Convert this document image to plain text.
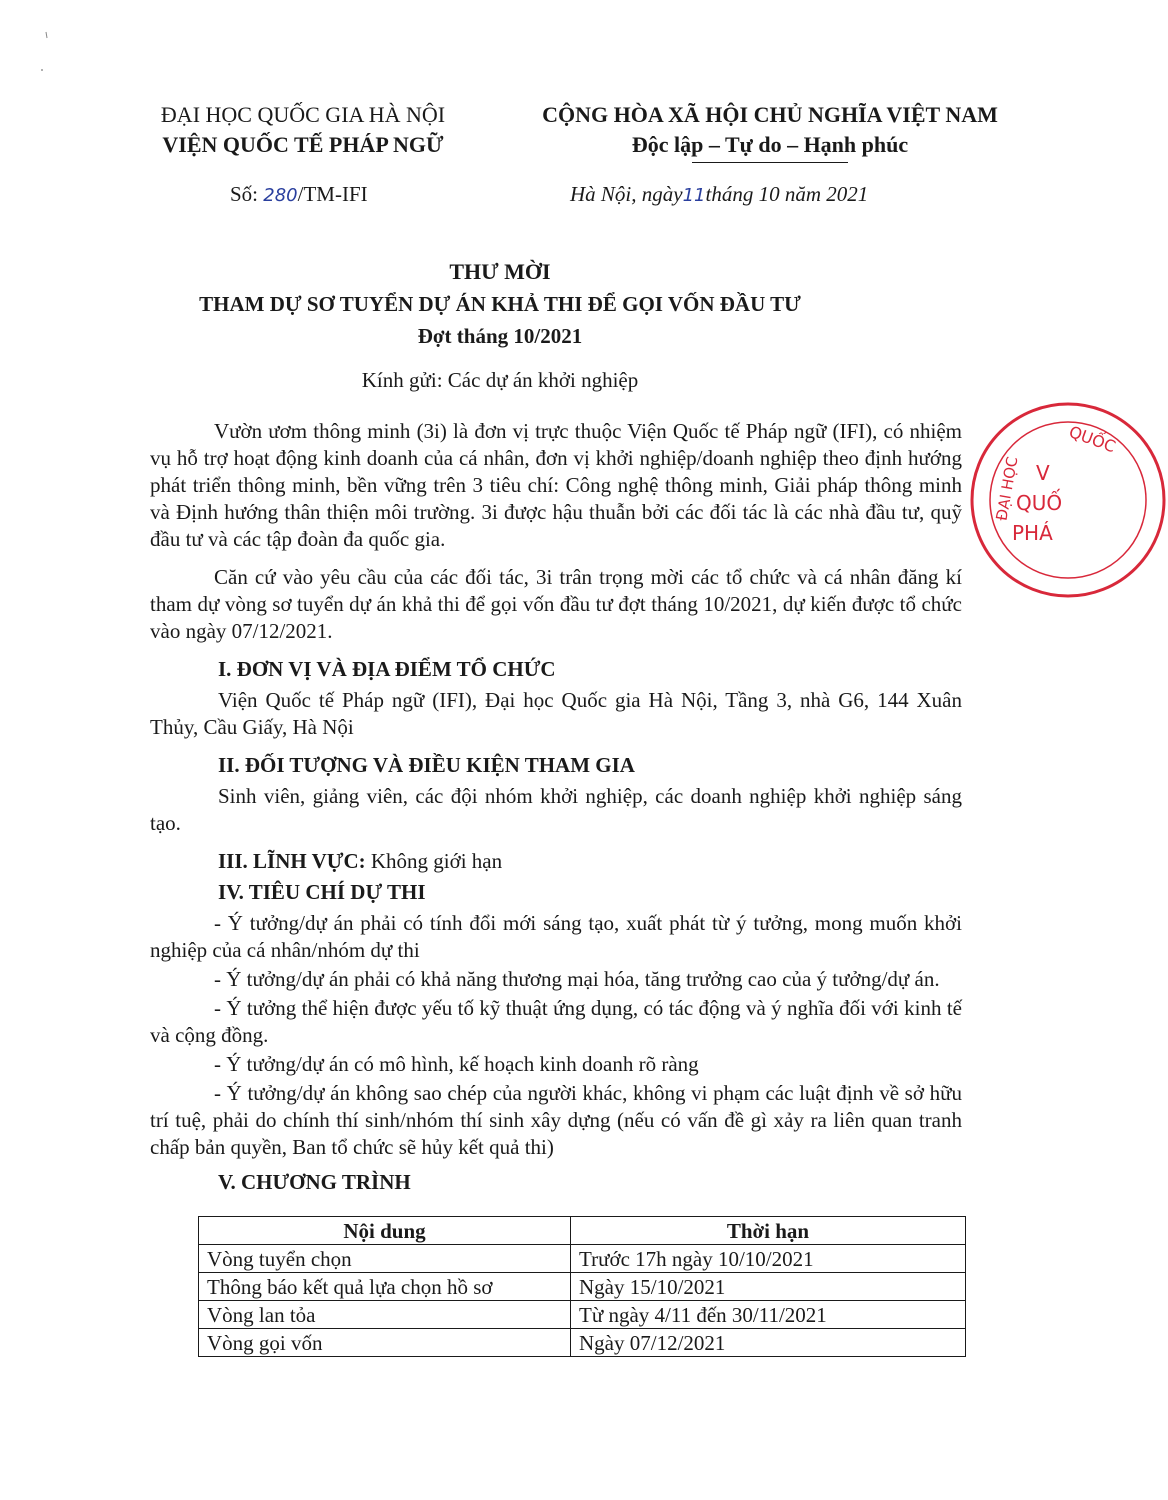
ĐẠI HỌC QUỐC GIA HÀ NỘI
VIỆN QUỐC TẾ PHÁP NGỮ
CỘNG HÒA XÃ HỘI CHỦ NGHĨA VIỆT NAM
Độc lập – Tự do – Hạnh phúc
Số: 280/TM-IFI	Hà Nội, ngày11tháng 10 năm 2021
THƯ MỜI
THAM DỰ SƠ TUYỂN DỰ ÁN KHẢ THI ĐỂ GỌI VỐN ĐẦU TƯ
Đợt tháng 10/2021
Kính gửi: Các dự án khởi nghiệp

Vườn ươm thông minh (3i) là đơn vị trực thuộc Viện Quốc tế Pháp ngữ (IFI), có nhiệm vụ hỗ trợ hoạt động kinh doanh của cá nhân, đơn vị khởi nghiệp/doanh nghiệp theo định hướng phát triển thông minh, bền vững trên 3 tiêu chí: Công nghệ thông minh, Giải pháp thông minh và Định hướng thân thiện môi trường. 3i được hậu thuẫn bởi các đối tác là các nhà đầu tư, quỹ đầu tư và các tập đoàn đa quốc gia.

Căn cứ vào yêu cầu của các đối tác, 3i trân trọng mời các tổ chức và cá nhân đăng kí tham dự vòng sơ tuyển dự án khả thi để gọi vốn đầu tư đợt tháng 10/2021, dự kiến được tổ chức vào ngày 07/12/2021.

I. ĐƠN VỊ VÀ ĐỊA ĐIỂM TỔ CHỨC

Viện Quốc tế Pháp ngữ (IFI), Đại học Quốc gia Hà Nội, Tầng 3, nhà G6, 144 Xuân Thủy, Cầu Giấy, Hà Nội

II. ĐỐI TƯỢNG VÀ ĐIỀU KIỆN THAM GIA

Sinh viên, giảng viên, các đội nhóm khởi nghiệp, các doanh nghiệp khởi nghiệp sáng tạo.

III. LĨNH VỰC: Không giới hạn
IV. TIÊU CHÍ DỰ THI

- Ý tưởng/dự án phải có tính đổi mới sáng tạo, xuất phát từ ý tưởng, mong muốn khởi nghiệp của cá nhân/nhóm dự thi

- Ý tưởng/dự án phải có khả năng thương mại hóa, tăng trưởng cao của ý tưởng/dự án.

- Ý tưởng thể hiện được yếu tố kỹ thuật ứng dụng, có tác động và ý nghĩa đối với kinh tế và cộng đồng.

- Ý tưởng/dự án có mô hình, kế hoạch kinh doanh rõ ràng

- Ý tưởng/dự án không sao chép của người khác, không vi phạm các luật định về sở hữu trí tuệ, phải do chính thí sinh/nhóm thí sinh xây dựng (nếu có vấn đề gì xảy ra liên quan tranh chấp bản quyền, Ban tổ chức sẽ hủy kết quả thi)

V. CHƯƠNG TRÌNH
Nội dung	Thời hạn
Vòng tuyển chọn	Trước 17h ngày 10/10/2021
Thông báo kết quả lựa chọn hồ sơ	Ngày 15/10/2021
Vòng lan tỏa	Từ ngày 4/11 đến 30/11/2021
Vòng gọi vốn	Ngày 07/12/2021
QUỐC
ĐẠI HỌC V
QUỐ
PHÁ
